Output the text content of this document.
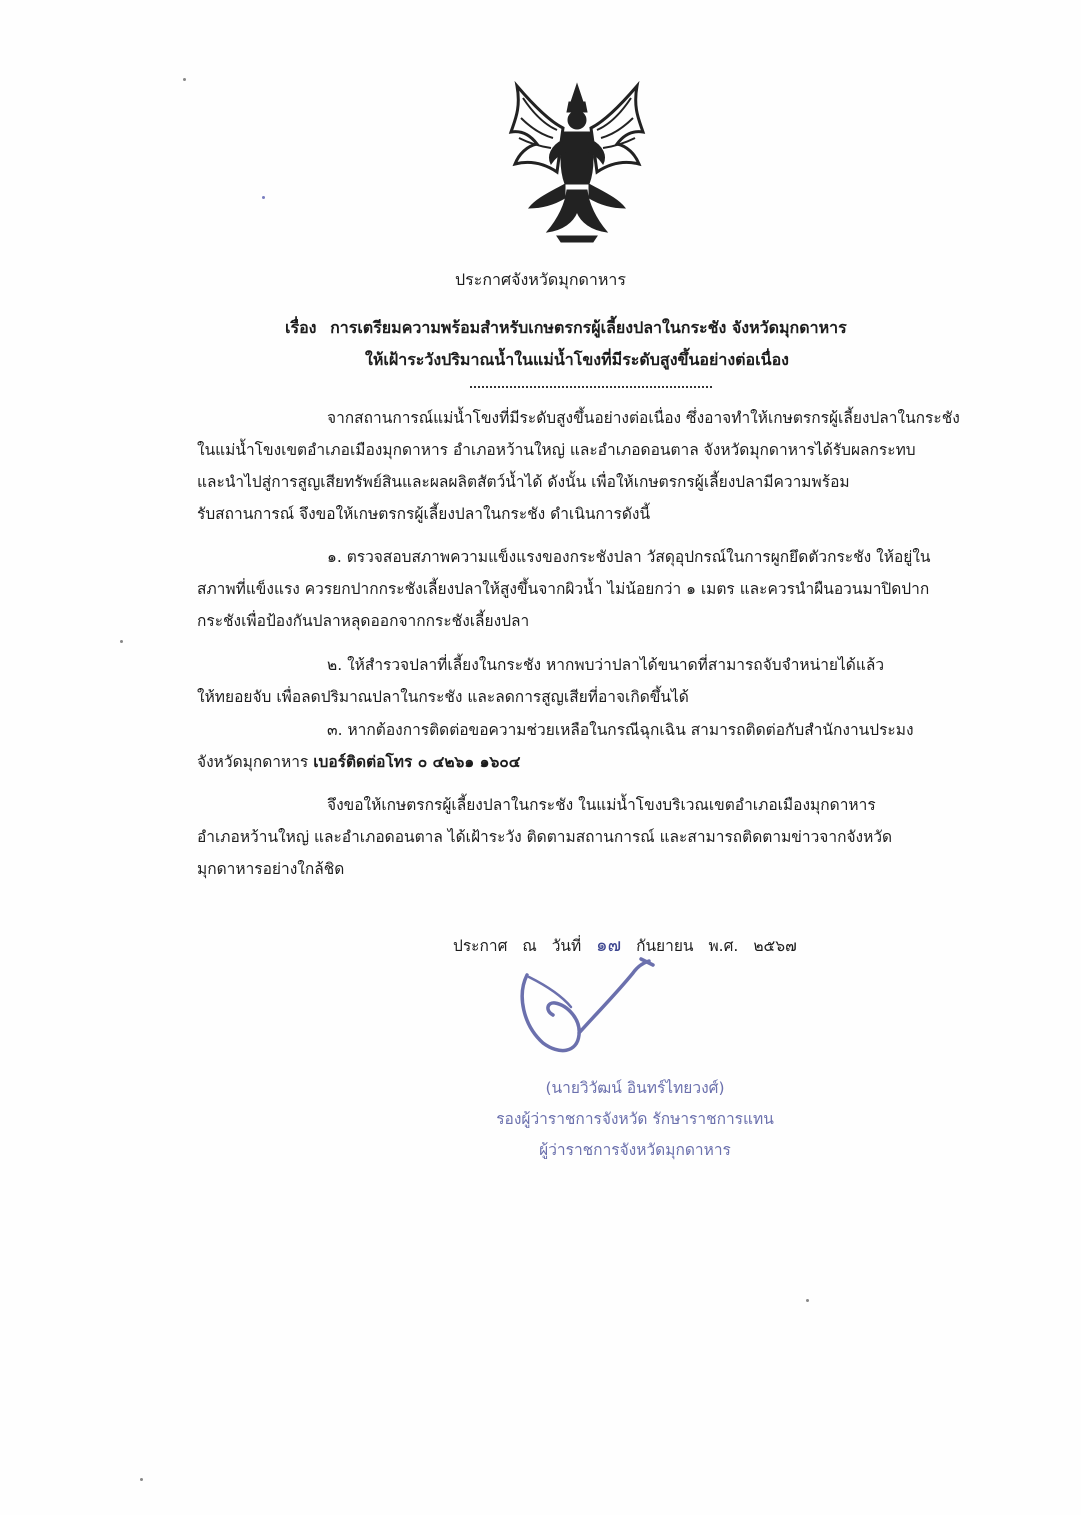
ประกาศจังหวัดมุกดาหาร
เรื่อง การเตรียมความพร้อมสำหรับเกษตรกรผู้เลี้ยงปลาในกระชัง จังหวัดมุกดาหาร
ให้เฝ้าระวังปริมาณน้ำในแม่น้ำโขงที่มีระดับสูงขึ้นอย่างต่อเนื่อง
จากสถานการณ์แม่น้ำโขงที่มีระดับสูงขึ้นอย่างต่อเนื่อง ซึ่งอาจทำให้เกษตรกรผู้เลี้ยงปลาในกระชัง
ในแม่น้ำโขงเขตอำเภอเมืองมุกดาหาร อำเภอหว้านใหญ่ และอำเภอดอนตาล จังหวัดมุกดาหารได้รับผลกระทบ
และนำไปสู่การสูญเสียทรัพย์สินและผลผลิตสัตว์น้ำได้ ดังนั้น เพื่อให้เกษตรกรผู้เลี้ยงปลามีความพร้อม
รับสถานการณ์ จึงขอให้เกษตรกรผู้เลี้ยงปลาในกระชัง ดำเนินการดังนี้
๑. ตรวจสอบสภาพความแข็งแรงของกระชังปลา วัสดุอุปกรณ์ในการผูกยึดตัวกระชัง ให้อยู่ใน
สภาพที่แข็งแรง ควรยกปากกระชังเลี้ยงปลาให้สูงขึ้นจากผิวน้ำ ไม่น้อยกว่า ๑ เมตร และควรนำผืนอวนมาปิดปาก
กระชังเพื่อป้องกันปลาหลุดออกจากกระชังเลี้ยงปลา
๒. ให้สำรวจปลาที่เลี้ยงในกระชัง หากพบว่าปลาได้ขนาดที่สามารถจับจำหน่ายได้แล้ว
ให้ทยอยจับ เพื่อลดปริมาณปลาในกระชัง และลดการสูญเสียที่อาจเกิดขึ้นได้
๓. หากต้องการติดต่อขอความช่วยเหลือในกรณีฉุกเฉิน สามารถติดต่อกับสำนักงานประมง
จังหวัดมุกดาหาร เบอร์ติดต่อโทร ๐ ๔๒๖๑ ๑๖๐๔
จึงขอให้เกษตรกรผู้เลี้ยงปลาในกระชัง ในแม่น้ำโขงบริเวณเขตอำเภอเมืองมุกดาหาร
อำเภอหว้านใหญ่ และอำเภอดอนตาล ได้เฝ้าระวัง ติดตามสถานการณ์ และสามารถติดตามข่าวจากจังหวัด
มุกดาหารอย่างใกล้ชิด
ประกาศ ณ วันที่ ๑๗ กันยายน พ.ศ. ๒๕๖๗
(นายวิวัฒน์ อินทร์ไทยวงศ์)
รองผู้ว่าราชการจังหวัด รักษาราชการแทน
ผู้ว่าราชการจังหวัดมุกดาหาร
